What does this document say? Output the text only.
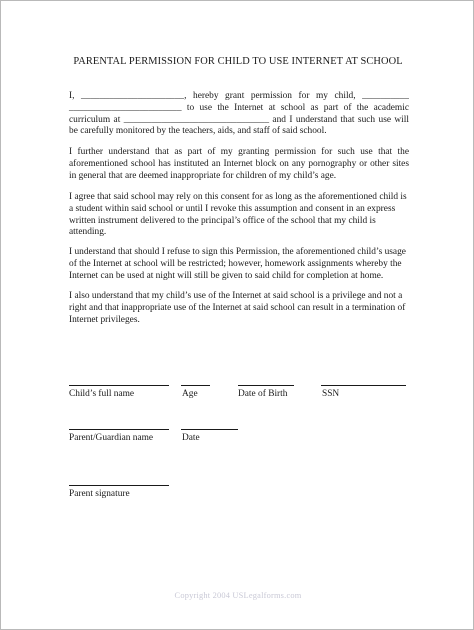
PARENTAL PERMISSION FOR CHILD TO USE INTERNET AT SCHOOL
I, ______________________, hereby grant permission for my child, __________ ________________________ to use the Internet at school as part of the academic curriculum at _______________________________ and I understand that such use will be carefully monitored by the teachers, aids, and staff of said school.
I further understand that as part of my granting permission for such use that the aforementioned school has instituted an Internet block on any pornography or other sites in general that are deemed inappropriate for children of my child’s age.
I agree that said school may rely on this consent for as long as the aforementioned child is a student within said school or until I revoke this assumption and consent in an express written instrument delivered to the principal’s office of the school that my child is attending.
I understand that should I refuse to sign this Permission, the aforementioned child’s usage of the Internet at school will be restricted; however, homework assignments whereby the Internet can be used at night will still be given to said child for completion at home.
I also understand that my child’s use of the Internet at said school is a privilege and not a right and that inappropriate use of the Internet at said school can result in a termination of Internet privileges.
Child’s full name	Age	Date of Birth	SSN
Parent/Guardian name	Date
Parent signature
Copyright 2004 USLegalforms.com
